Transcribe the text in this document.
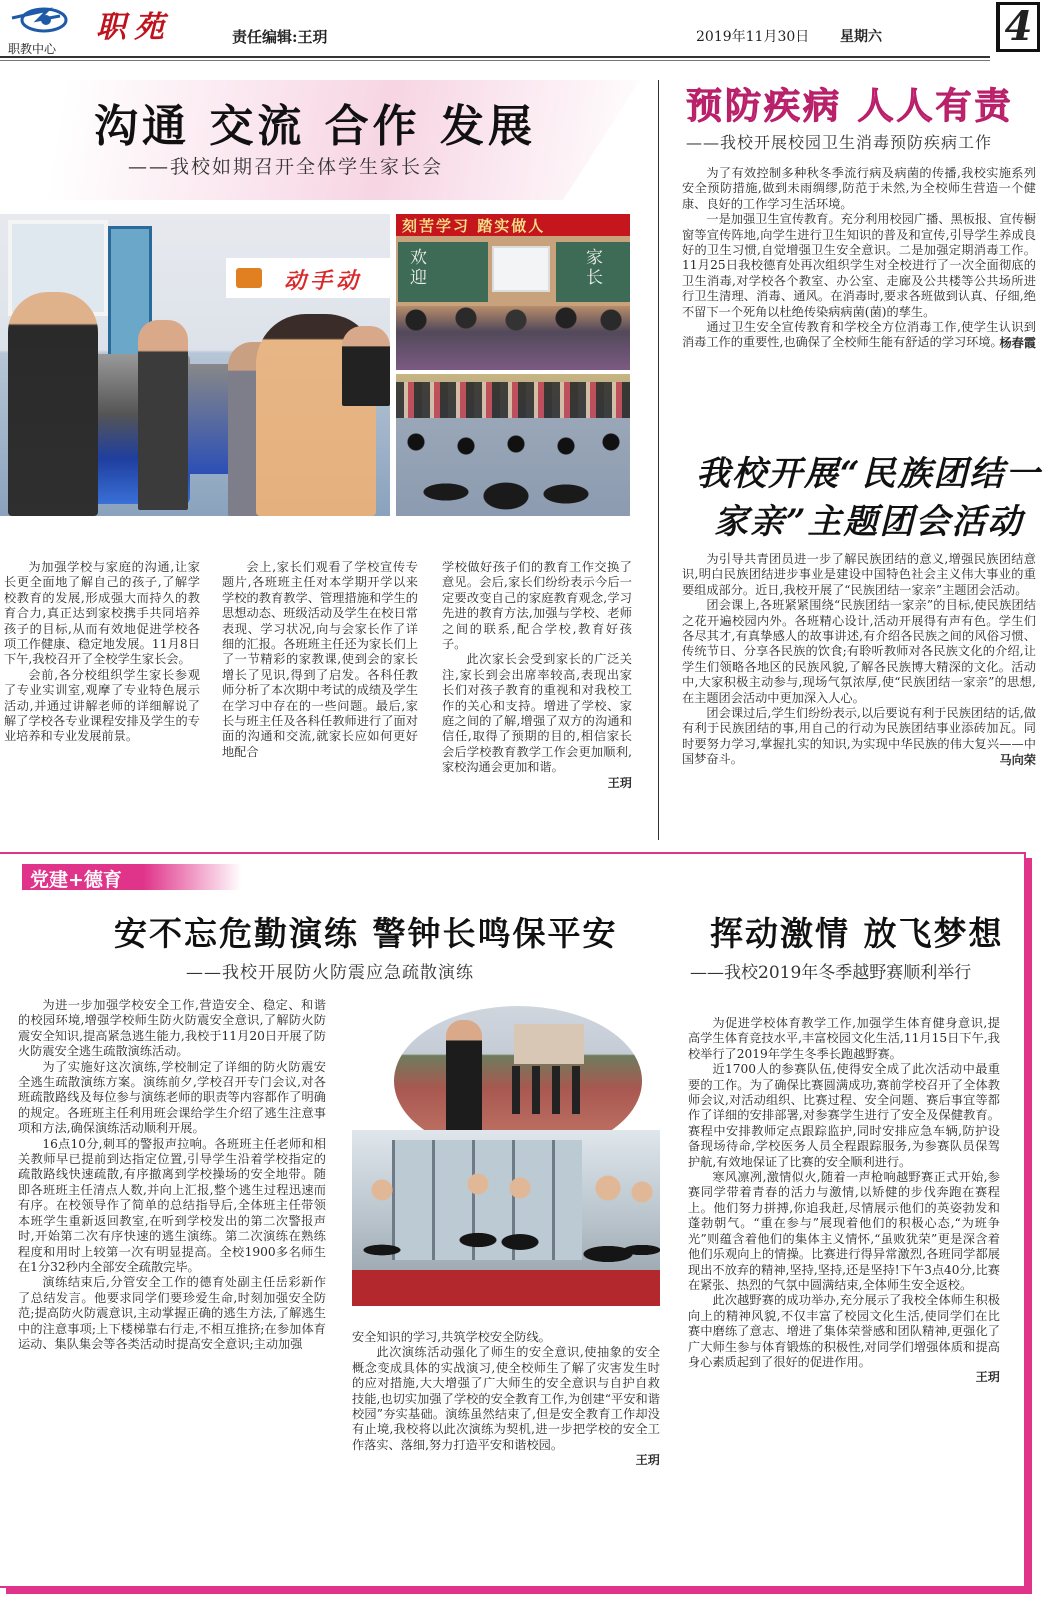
职教中心
职苑	责任编辑:王玥	2019年11月30日 星期六	4
沟通 交流 合作 发展
——我校如期召开全体学生家长会
动手动
刻苦学习 踏实做人
欢迎
家长
为加强学校与家庭的沟通,让家长更全面地了解自己的孩子,了解学校教育的发展,形成强大而持久的教育合力,真正达到家校携手共同培养孩子的目标,从而有效地促进学校各项工作健康、稳定地发展。11月8日下午,我校召开了全校学生家长会。
会前,各分校组织学生家长参观了专业实训室,观摩了专业特色展示活动,并通过讲解老师的详细解说了解了学校各专业课程安排及学生的专业培养和专业发展前景。
会上,家长们观看了学校宣传专题片,各班班主任对本学期开学以来学校的教育教学、管理措施和学生的思想动态、班级活动及学生在校日常表现、学习状况,向与会家长作了详细的汇报。各班班主任还为家长们上了一节精彩的家教课,使到会的家长增长了见识,得到了启发。各科任教师分析了本次期中考试的成绩及学生在学习中存在的一些问题。最后,家长与班主任及各科任教师进行了面对面的沟通和交流,就家长应如何更好地配合
学校做好孩子们的教育工作交换了意见。会后,家长们纷纷表示今后一定要改变自己的家庭教育观念,学习先进的教育方法,加强与学校、老师之间的联系,配合学校,教育好孩子。
此次家长会受到家长的广泛关注,家长到会出席率较高,表现出家长们对孩子教育的重视和对我校工作的关心和支持。增进了学校、家庭之间的了解,增强了双方的沟通和信任,取得了预期的目的,相信家长会后学校教育教学工作会更加顺利,家校沟通会更加和谐。
王玥
预防疾病 人人有责
——我校开展校园卫生消毒预防疾病工作
为了有效控制多种秋冬季流行病及病菌的传播,我校实施系列安全预防措施,做到未雨绸缪,防范于未然,为全校师生营造一个健康、良好的工作学习生活环境。
一是加强卫生宣传教育。充分利用校园广播、黑板报、宣传橱窗等宣传阵地,向学生进行卫生知识的普及和宣传,引导学生养成良好的卫生习惯,自觉增强卫生安全意识。二是加强定期消毒工作。11月25日我校德育处再次组织学生对全校进行了一次全面彻底的卫生消毒,对学校各个教室、办公室、走廊及公共楼等公共场所进行卫生清理、消毒、通风。在消毒时,要求各班做到认真、仔细,绝不留下一个死角以杜绝传染病病菌(菌)的孳生。
通过卫生安全宣传教育和学校全方位消毒工作,使学生认识到消毒工作的重要性,也确保了全校师生能有舒适的学习环境。
杨春霞
我校开展“民族团结一
家亲”主题团会活动
为引导共青团员进一步了解民族团结的意义,增强民族团结意识,明白民族团结进步事业是建设中国特色社会主义伟大事业的重要组成部分。近日,我校开展了“民族团结一家亲”主题团会活动。
团会课上,各班紧紧围绕“民族团结一家亲”的目标,使民族团结之花开遍校园内外。各班精心设计,活动开展得有声有色。学生们各尽其才,有真挚感人的故事讲述,有介绍各民族之间的风俗习惯、传统节日、分享各民族的饮食;有聆听教师对各民族文化的介绍,让学生们领略各地区的民族风貌,了解各民族博大精深的文化。活动中,大家积极主动参与,现场气氛浓厚,使“民族团结一家亲”的思想,在主题团会活动中更加深入人心。
团会课过后,学生们纷纷表示,以后要说有利于民族团结的话,做有利于民族团结的事,用自己的行动为民族团结事业添砖加瓦。同时要努力学习,掌握扎实的知识,为实现中华民族的伟大复兴——中国梦奋斗。	马向荣
党建+德育
安不忘危勤演练 警钟长鸣保平安
——我校开展防火防震应急疏散演练
为进一步加强学校安全工作,营造安全、稳定、和谐的校园环境,增强学校师生防火防震安全意识,了解防火防震安全知识,提高紧急逃生能力,我校于11月20日开展了防火防震安全逃生疏散演练活动。
为了实施好这次演练,学校制定了详细的防火防震安全逃生疏散演练方案。演练前夕,学校召开专门会议,对各班疏散路线及每位参与演练老师的职责等内容都作了明确的规定。各班班主任利用班会课给学生介绍了逃生注意事项和方法,确保演练活动顺利开展。
16点10分,刺耳的警报声拉响。各班班主任老师和相关教师早已提前到达指定位置,引导学生沿着学校指定的疏散路线快速疏散,有序撤离到学校操场的安全地带。随即各班班主任清点人数,并向上汇报,整个逃生过程迅速而有序。在校领导作了简单的总结指导后,全体班主任带领本班学生重新返回教室,在听到学校发出的第二次警报声时,开始第二次有序快速的逃生演练。第二次演练在熟练程度和用时上较第一次有明显提高。全校1900多名师生在1分32秒内全部安全疏散完毕。
演练结束后,分管安全工作的德育处副主任岳彩新作了总结发言。他要求同学们要珍爱生命,时刻加强安全防范;提高防火防震意识,主动掌握正确的逃生方法,了解逃生中的注意事项;上下楼梯靠右行走,不相互推挤;在参加体育运动、集队集会等各类活动时提高安全意识;主动加强	安全知识的学习,共筑学校安全防线。
此次演练活动强化了师生的安全意识,使抽象的安全概念变成具体的实战演习,使全校师生了解了灾害发生时的应对措施,大大增强了广大师生的安全意识与自护自救技能,也切实加强了学校的安全教育工作,为创建“平安和谐校园”夯实基础。演练虽然结束了,但是安全教育工作却没有止境,我校将以此次演练为契机,进一步把学校的安全工作落实、落细,努力打造平安和谐校园。
王玥
挥动激情 放飞梦想
——我校2019年冬季越野赛顺利举行
为促进学校体育教学工作,加强学生体育健身意识,提高学生体育竞技水平,丰富校园文化生活,11月15日下午,我校举行了2019年学生冬季长跑越野赛。
近1700人的参赛队伍,使得安全成了此次活动中最重要的工作。为了确保比赛圆满成功,赛前学校召开了全体教师会议,对活动组织、比赛过程、安全问题、赛后事宜等都作了详细的安排部署,对参赛学生进行了安全及保健教育。赛程中安排教师定点跟踪监护,同时安排应急车辆,防护设备现场待命,学校医务人员全程跟踪服务,为参赛队员保驾护航,有效地保证了比赛的安全顺利进行。
寒风凛冽,激情似火,随着一声枪响越野赛正式开始,参赛同学带着青春的活力与激情,以矫健的步伐奔跑在赛程上。他们努力拼搏,你追我赶,尽情展示他们的英姿勃发和蓬勃朝气。“重在参与”展现着他们的积极心态,“为班争光”则蕴含着他们的集体主义情怀,“虽败犹荣”更是深含着他们乐观向上的情操。比赛进行得异常激烈,各班同学都展现出不放弃的精神,坚持,坚持,还是坚持!下午3点40分,比赛在紧张、热烈的气氛中圆满结束,全体师生安全返校。
此次越野赛的成功举办,充分展示了我校全体师生积极向上的精神风貌,不仅丰富了校园文化生活,使同学们在比赛中磨练了意志、增进了集体荣誉感和团队精神,更强化了广大师生参与体育锻炼的积极性,对同学们增强体质和提高身心素质起到了很好的促进作用。
王玥
